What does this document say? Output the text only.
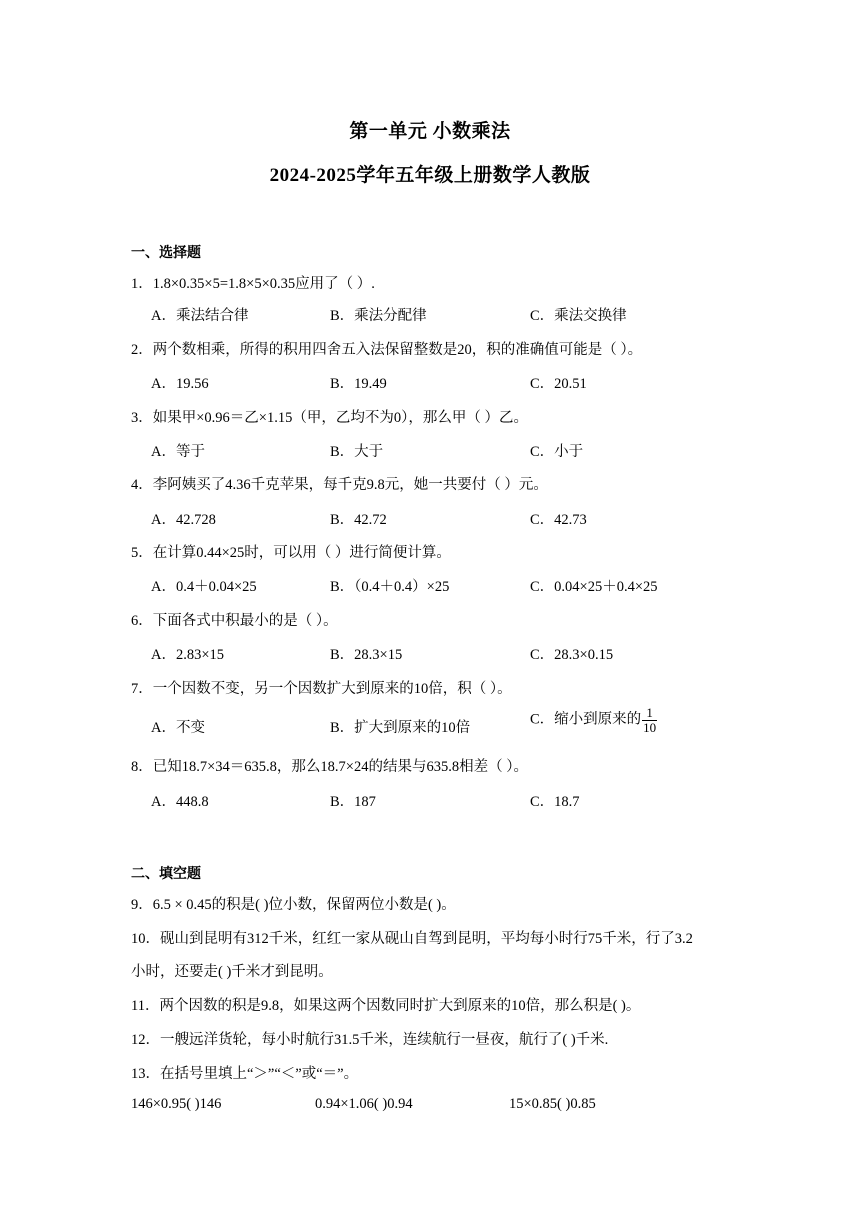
第一单元 小数乘法
2024-2025学年五年级上册数学人教版
一、选择题
1．1.8×0.35×5=1.8×5×0.35应用了（ ）.
A．乘法结合律	B．乘法分配律	C．乘法交换律
2．两个数相乘，所得的积用四舍五入法保留整数是20，积的准确值可能是（ ）。
A．19.56	B．19.49	C．20.51
3．如果甲×0.96＝乙×1.15（甲，乙均不为0），那么甲（ ）乙。
A．等于	B．大于	C．小于
4．李阿姨买了4.36千克苹果，每千克9.8元，她一共要付（ ）元。
A．42.728	B．42.72	C．42.73
5．在计算0.44×25时，可以用（ ）进行简便计算。
A．0.4＋0.04×25	B．（0.4＋0.4）×25	C．0.04×25＋0.4×25
6．下面各式中积最小的是（ ）。
A．2.83×15	B．28.3×15	C．28.3×0.15
7．一个因数不变，另一个因数扩大到原来的10倍，积（ ）。
A．不变	B．扩大到原来的10倍
C．缩小到原来的 $\frac{1}{10}$
8．已知18.7×34＝635.8，那么18.7×24的结果与635.8相差（ ）。
A．448.8	B．187	C．18.7
二、填空题
9．6.5 × 0.45的积是( )位小数，保留两位小数是( )。
10．砚山到昆明有312千米，红红一家从砚山自驾到昆明，平均每小时行75千米，行了3.2
小时，还要走( )千米才到昆明。
11．两个因数的积是9.8，如果这两个因数同时扩大到原来的10倍，那么积是( )。
12．一艘远洋货轮，每小时航行31.5千米，连续航行一昼夜，航行了( )千米.
13．在括号里填上“＞”“＜”或“＝”。
146×0.95( )146	0.94×1.06( )0.94	15×0.85( )0.85
